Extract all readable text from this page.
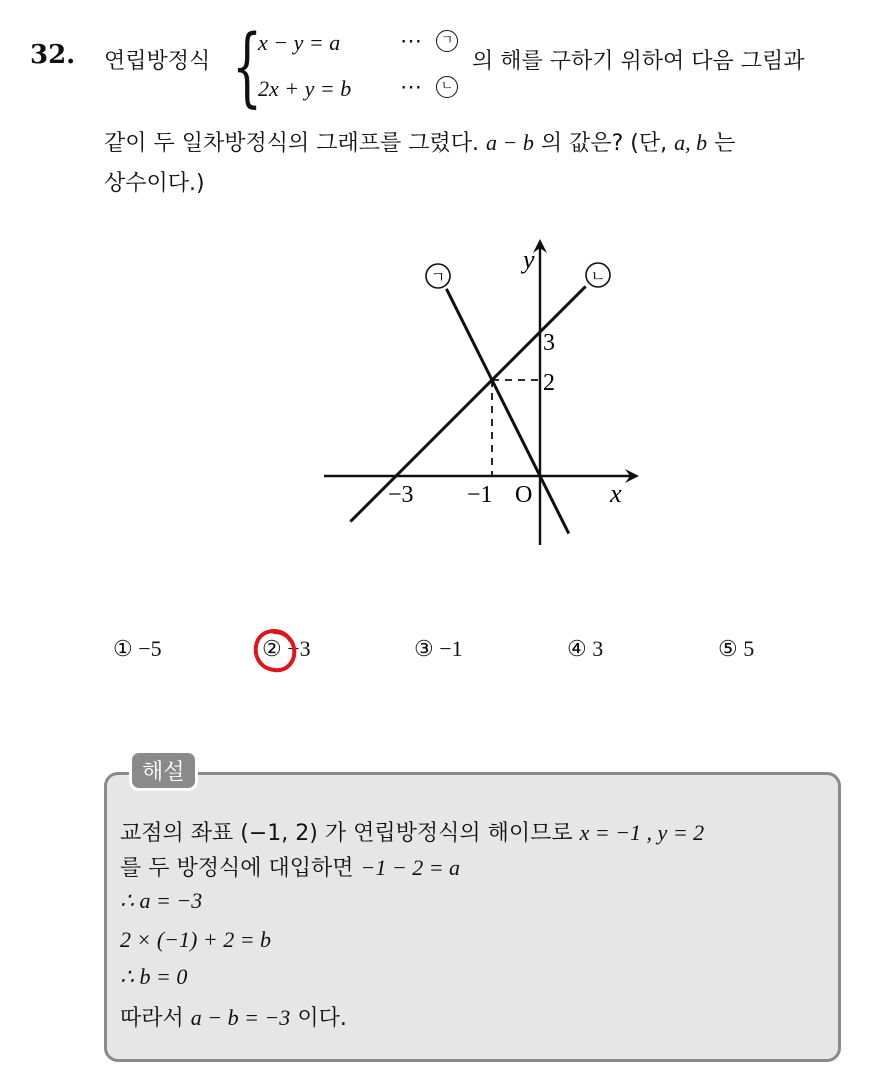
32. 연립방정식 {
x − y = a	⋯	ㄱ
2x + y = b ⋯	ㄴ
의 해를 구하기 위하여 다음 그림과
같이 두 일차방정식의 그래프를 그렸다. a − b 의 값은? (단, a, b 는
상수이다.)
ㄱ	ㄴ
y
x
O
−3 −1
3
2
① −5	② −3	③ −1	④ 3	⑤ 5
해설
교점의 좌표 (−1, 2) 가 연립방정식의 해이므로 x = −1 , y = 2
를 두 방정식에 대입하면 −1 − 2 = a
∴ a = −3
2 × (−1) + 2 = b
∴ b = 0
따라서 a − b = −3 이다.
